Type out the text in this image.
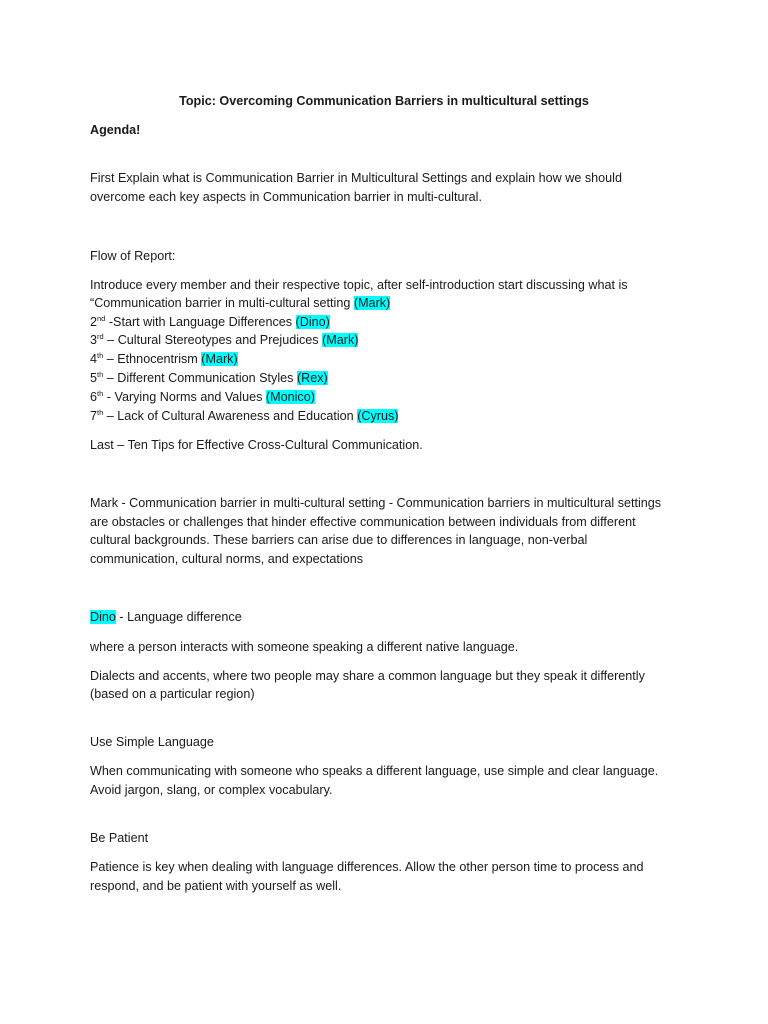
Topic: Overcoming Communication Barriers in multicultural settings
Agenda!
First Explain what is Communication Barrier in Multicultural Settings and explain how we should
overcome each key aspects in Communication barrier in multi-cultural.
Flow of Report:
Introduce every member and their respective topic, after self-introduction start discussing what is
“Communication barrier in multi-cultural setting (Mark)
2nd -Start with Language Differences (Dino)
3rd – Cultural Stereotypes and Prejudices (Mark)
4th – Ethnocentrism (Mark)
5th – Different Communication Styles (Rex)
6th - Varying Norms and Values (Monico)
7th – Lack of Cultural Awareness and Education (Cyrus)
Last – Ten Tips for Effective Cross-Cultural Communication.
Mark - Communication barrier in multi-cultural setting - Communication barriers in multicultural settings
are obstacles or challenges that hinder effective communication between individuals from different
cultural backgrounds. These barriers can arise due to differences in language, non-verbal
communication, cultural norms, and expectations
Dino - Language difference
where a person interacts with someone speaking a different native language.
Dialects and accents, where two people may share a common language but they speak it differently
(based on a particular region)
Use Simple Language
When communicating with someone who speaks a different language, use simple and clear language.
Avoid jargon, slang, or complex vocabulary.
Be Patient
Patience is key when dealing with language differences. Allow the other person time to process and
respond, and be patient with yourself as well.
